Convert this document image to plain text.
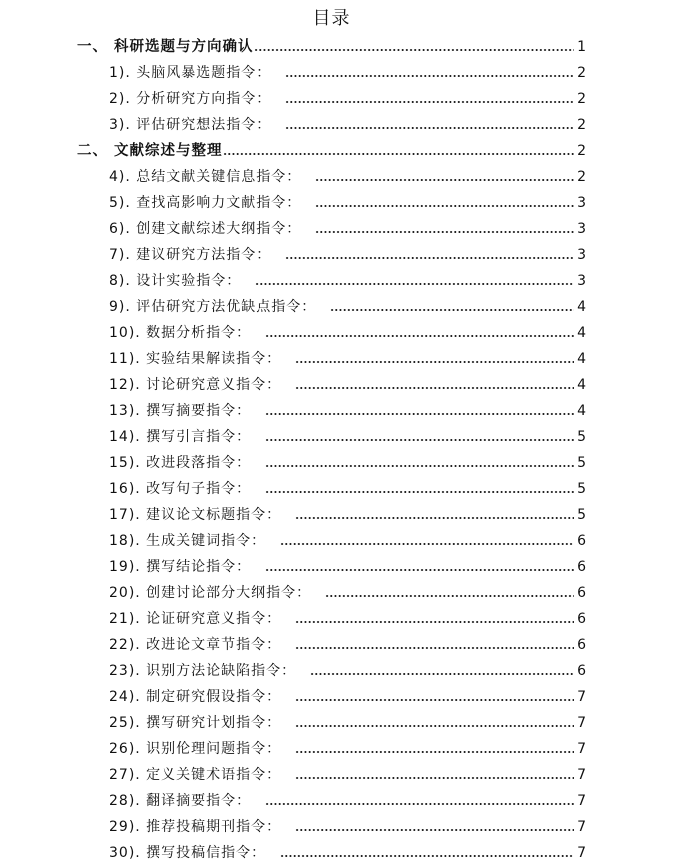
目录
一、 科研选题与方向确认	1
1). 头脑风暴选题指令：	2
2). 分析研究方向指令：	2
3). 评估研究想法指令：	2
二、 文献综述与整理	2
4). 总结文献关键信息指令：	2
5). 查找高影响力文献指令：	3
6). 创建文献综述大纲指令：	3
7). 建议研究方法指令：	3
8). 设计实验指令：	3
9). 评估研究方法优缺点指令：	4
10). 数据分析指令：	4
11). 实验结果解读指令：	4
12). 讨论研究意义指令：	4
13). 撰写摘要指令：	4
14). 撰写引言指令：	5
15). 改进段落指令：	5
16). 改写句子指令：	5
17). 建议论文标题指令：	5
18). 生成关键词指令：	6
19). 撰写结论指令：	6
20). 创建讨论部分大纲指令：	6
21). 论证研究意义指令：	6
22). 改进论文章节指令：	6
23). 识别方法论缺陷指令：	6
24). 制定研究假设指令：	7
25). 撰写研究计划指令：	7
26). 识别伦理问题指令：	7
27). 定义关键术语指令：	7
28). 翻译摘要指令：	7
29). 推荐投稿期刊指令：	7
30). 撰写投稿信指令：	7
